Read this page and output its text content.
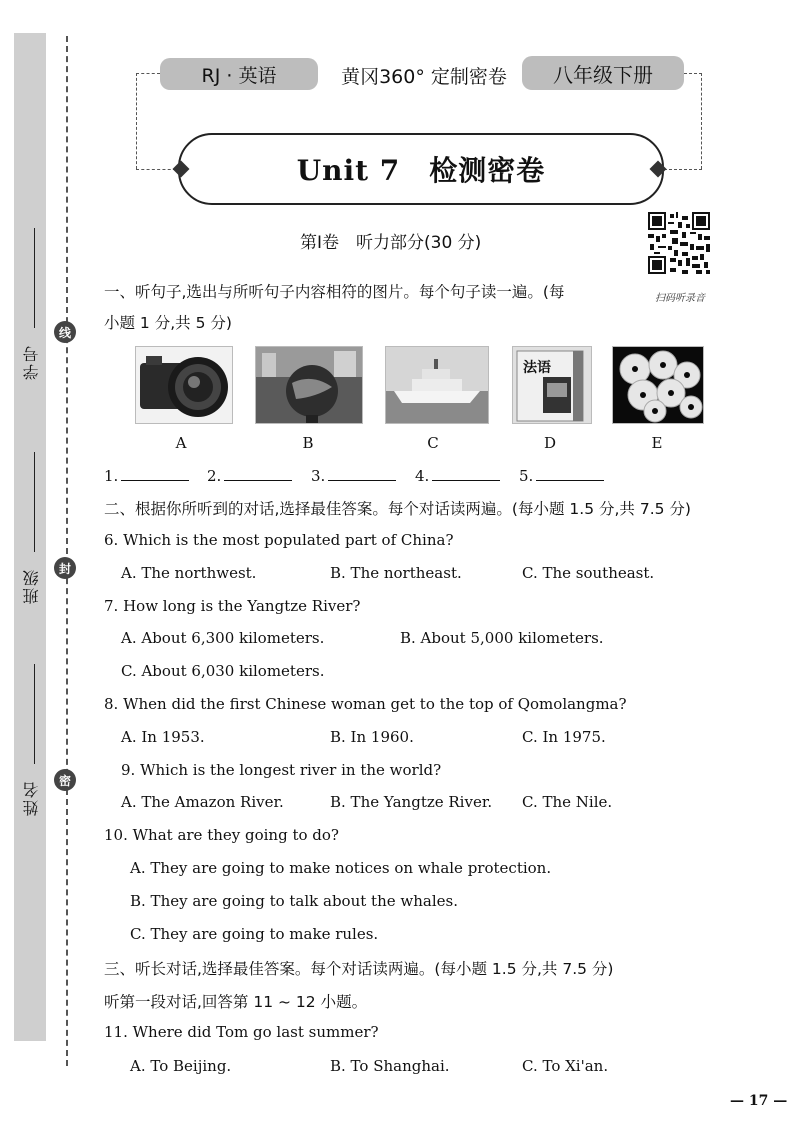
学号
班级
姓名
线
封
密
RJ · 英语	黄冈360° 定制密卷	八年级下册
Unit 7　检测密卷
第Ⅰ卷　听力部分(30 分)
扫码听录音
一、听句子,选出与所听句子内容相符的图片。每个句子读一遍。(每
小题 1 分,共 5 分)
法语
A	B	C	D	E
1.	2.	3.	4.	5.
二、根据你所听到的对话,选择最佳答案。每个对话读两遍。(每小题 1.5 分,共 7.5 分)
6. Which is the most populated part of China?
A. The northwest.	B. The northeast.	C. The southeast.
7. How long is the Yangtze River?
A. About 6,300 kilometers.	B. About 5,000 kilometers.
C. About 6,030 kilometers.
8. When did the first Chinese woman get to the top of Qomolangma?
A. In 1953.	B. In 1960.	C. In 1975.
9. Which is the longest river in the world?
A. The Amazon River.	B. The Yangtze River. C. The Nile.
10. What are they going to do?
A. They are going to make notices on whale protection.
B. They are going to talk about the whales.
C. They are going to make rules.
三、听长对话,选择最佳答案。每个对话读两遍。(每小题 1.5 分,共 7.5 分)
听第一段对话,回答第 11 ~ 12 小题。
11. Where did Tom go last summer?
A. To Beijing.	B. To Shanghai.	C. To Xi'an.
— 17 —
